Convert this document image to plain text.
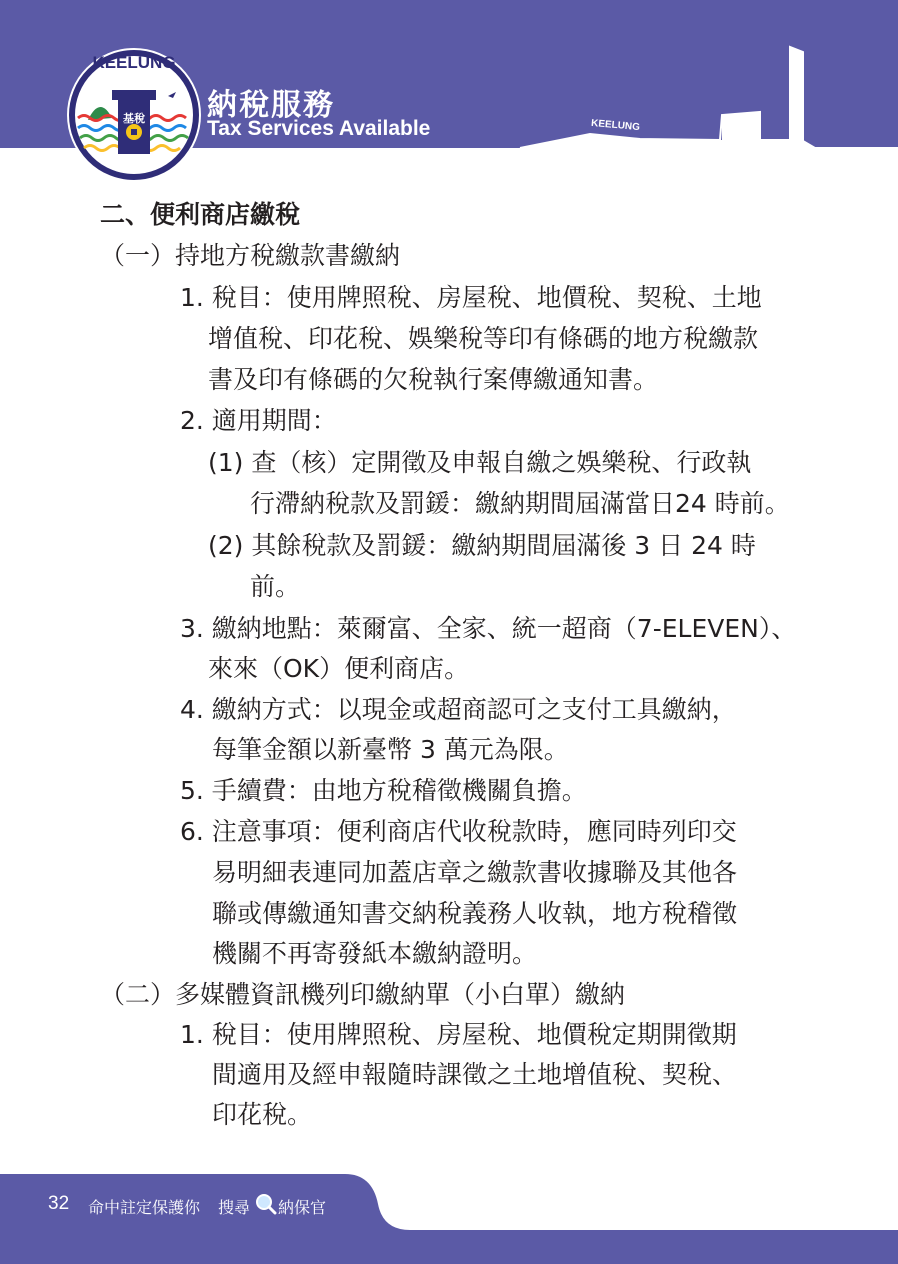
KEELUNG
基稅 納稅服務
Tax Services Available	KEELUNG
二、便利商店繳稅
（一）持地方稅繳款書繳納
1. 稅目：使用牌照稅、房屋稅、地價稅、契稅、土地
增值稅、印花稅、娛樂稅等印有條碼的地方稅繳款
書及印有條碼的欠稅執行案傳繳通知書。
2. 適用期間：
(1) 查（核）定開徵及申報自繳之娛樂稅、行政執
行滯納稅款及罰鍰：繳納期間屆滿當日24 時前。
(2) 其餘稅款及罰鍰：繳納期間屆滿後 3 日 24 時
前。
3. 繳納地點：萊爾富、全家、統一超商（7-ELEVEN）、
來來（OK）便利商店。
4. 繳納方式：以現金或超商認可之支付工具繳納，
每筆金額以新臺幣 3 萬元為限。
5. 手續費：由地方稅稽徵機關負擔。
6. 注意事項：便利商店代收稅款時，應同時列印交
易明細表連同加蓋店章之繳款書收據聯及其他各
聯或傳繳通知書交納稅義務人收執，地方稅稽徵
機關不再寄發紙本繳納證明。
（二）多媒體資訊機列印繳納單（小白單）繳納
1. 稅目：使用牌照稅、房屋稅、地價稅定期開徵期
間適用及經申報隨時課徵之土地增值稅、契稅、
印花稅。
32 命中註定保護你 搜尋 納保官
